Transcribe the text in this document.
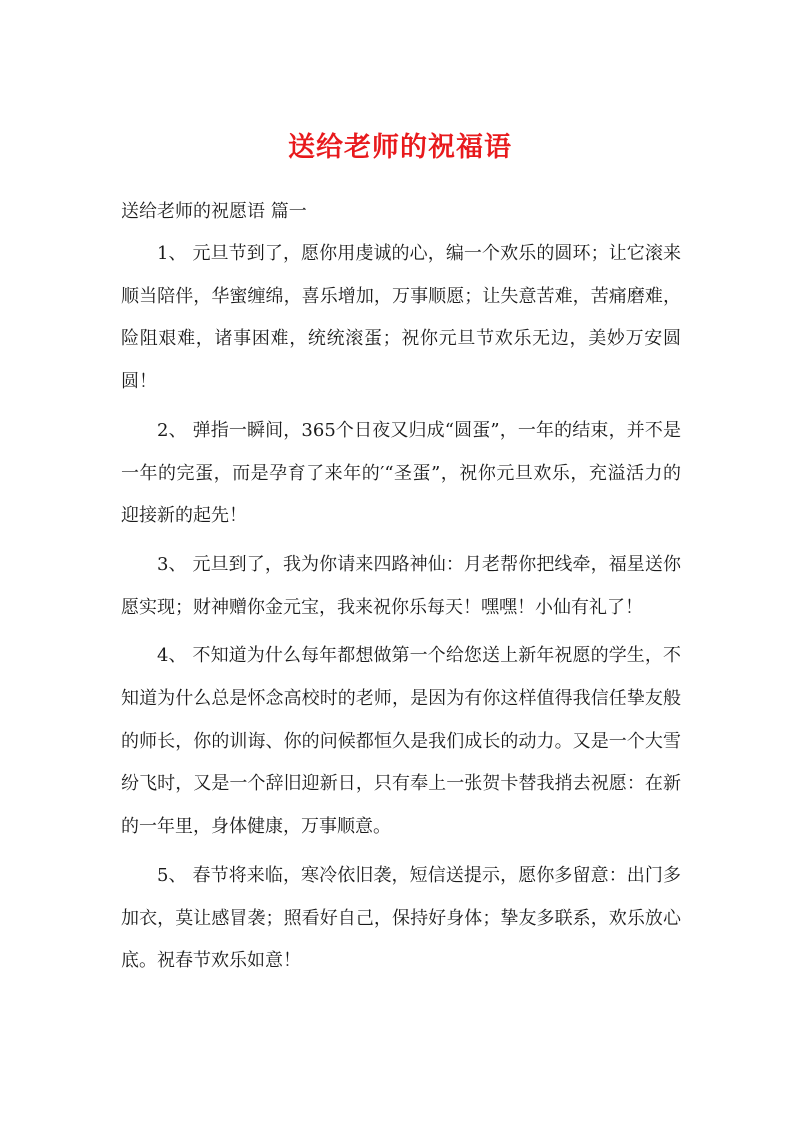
送给老师的祝福语
送给老师的祝愿语 篇一

1、 元旦节到了，愿你用虔诚的心，编一个欢乐的圆环；让它滚来顺当陪伴，华蜜缠绵，喜乐增加，万事顺愿；让失意苦难，苦痛磨难，险阻艰难，诸事困难，统统滚蛋；祝你元旦节欢乐无边，美妙万安圆圆！

2、 弹指一瞬间，365个日夜又归成“圆蛋”，一年的结束，并不是一年的完蛋，而是孕育了来年的′“圣蛋”，祝你元旦欢乐，充溢活力的迎接新的起先！

3、 元旦到了，我为你请来四路神仙：月老帮你把线牵，福星送你愿实现；财神赠你金元宝，我来祝你乐每天！嘿嘿！小仙有礼了！

4、 不知道为什么每年都想做第一个给您送上新年祝愿的学生，不知道为什么总是怀念高校时的老师，是因为有你这样值得我信任挚友般的师长，你的训诲、你的问候都恒久是我们成长的动力。又是一个大雪纷飞时，又是一个辞旧迎新日，只有奉上一张贺卡替我捎去祝愿：在新的一年里，身体健康，万事顺意。

5、 春节将来临，寒冷依旧袭，短信送提示，愿你多留意：出门多加衣，莫让感冒袭；照看好自己，保持好身体；挚友多联系，欢乐放心底。祝春节欢乐如意！
